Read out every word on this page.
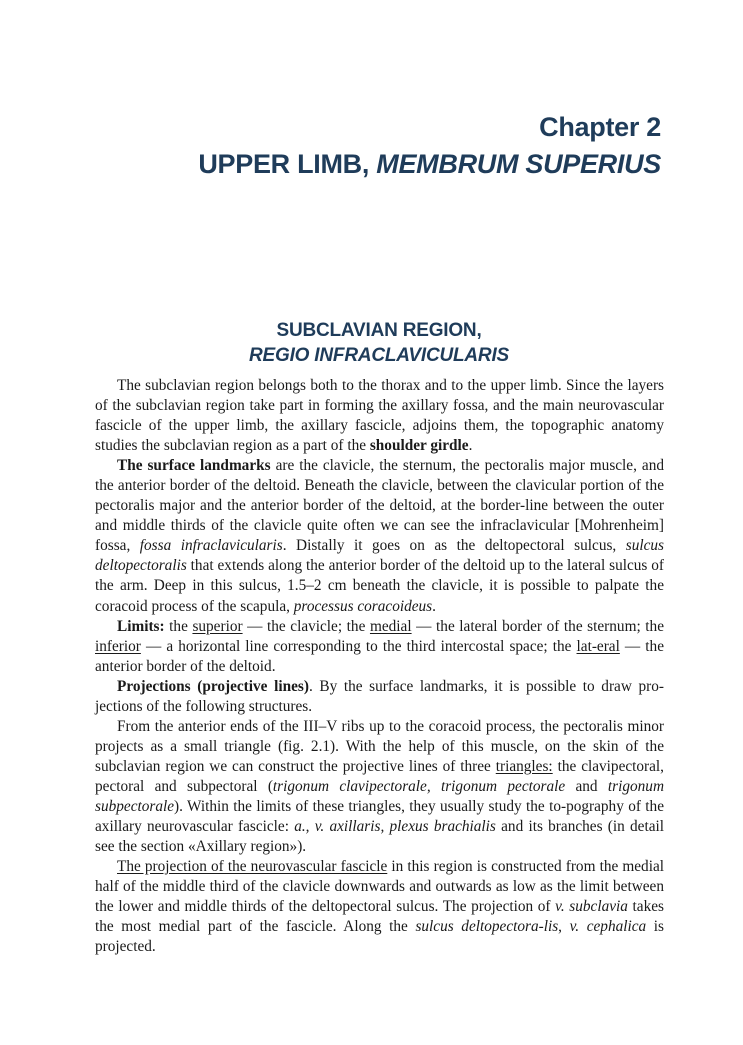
Chapter 2
UPPER LIMB, MEMBRUM SUPERIUS
SUBCLAVIAN REGION,
REGIO INFRACLAVICULARIS

The subclavian region belongs both to the thorax and to the upper limb. Since the layers of the subclavian region take part in forming the axillary fossa, and the main neurovascular fascicle of the upper limb, the axillary fascicle, adjoins them, the topographic anatomy studies the subclavian region as a part of the shoulder girdle.

The surface landmarks are the clavicle, the sternum, the pectoralis major muscle, and the anterior border of the deltoid. Beneath the clavicle, between the clavicular portion of the pectoralis major and the anterior border of the deltoid, at the border-line between the outer and middle thirds of the clavicle quite often we can see the infraclavicular [Mohrenheim] fossa, fossa infraclavicularis. Distally it goes on as the deltopectoral sulcus, sulcus deltopectoralis that extends along the anterior border of the deltoid up to the lateral sulcus of the arm. Deep in this sulcus, 1.5–2 cm beneath the clavicle, it is possible to palpate the coracoid process of the scapula, processus coracoideus.

Limits: the superior — the clavicle; the medial — the lateral border of the sternum; the inferior — a horizontal line corresponding to the third intercostal space; the lat-eral — the anterior border of the deltoid.

Projections (projective lines). By the surface landmarks, it is possible to draw pro-jections of the following structures.

From the anterior ends of the III–V ribs up to the coracoid process, the pectoralis minor projects as a small triangle (fig. 2.1). With the help of this muscle, on the skin of the subclavian region we can construct the projective lines of three triangles: the clavipectoral, pectoral and subpectoral (trigonum clavipectorale, trigonum pectorale and trigonum subpectorale). Within the limits of these triangles, they usually study the to-pography of the axillary neurovascular fascicle: a., v. axillaris, plexus brachialis and its branches (in detail see the section «Axillary region»).

The projection of the neurovascular fascicle in this region is constructed from the medial half of the middle third of the clavicle downwards and outwards as low as the limit between the lower and middle thirds of the deltopectoral sulcus. The projection of v. subclavia takes the most medial part of the fascicle. Along the sulcus deltopectora-lis, v. cephalica is projected.
